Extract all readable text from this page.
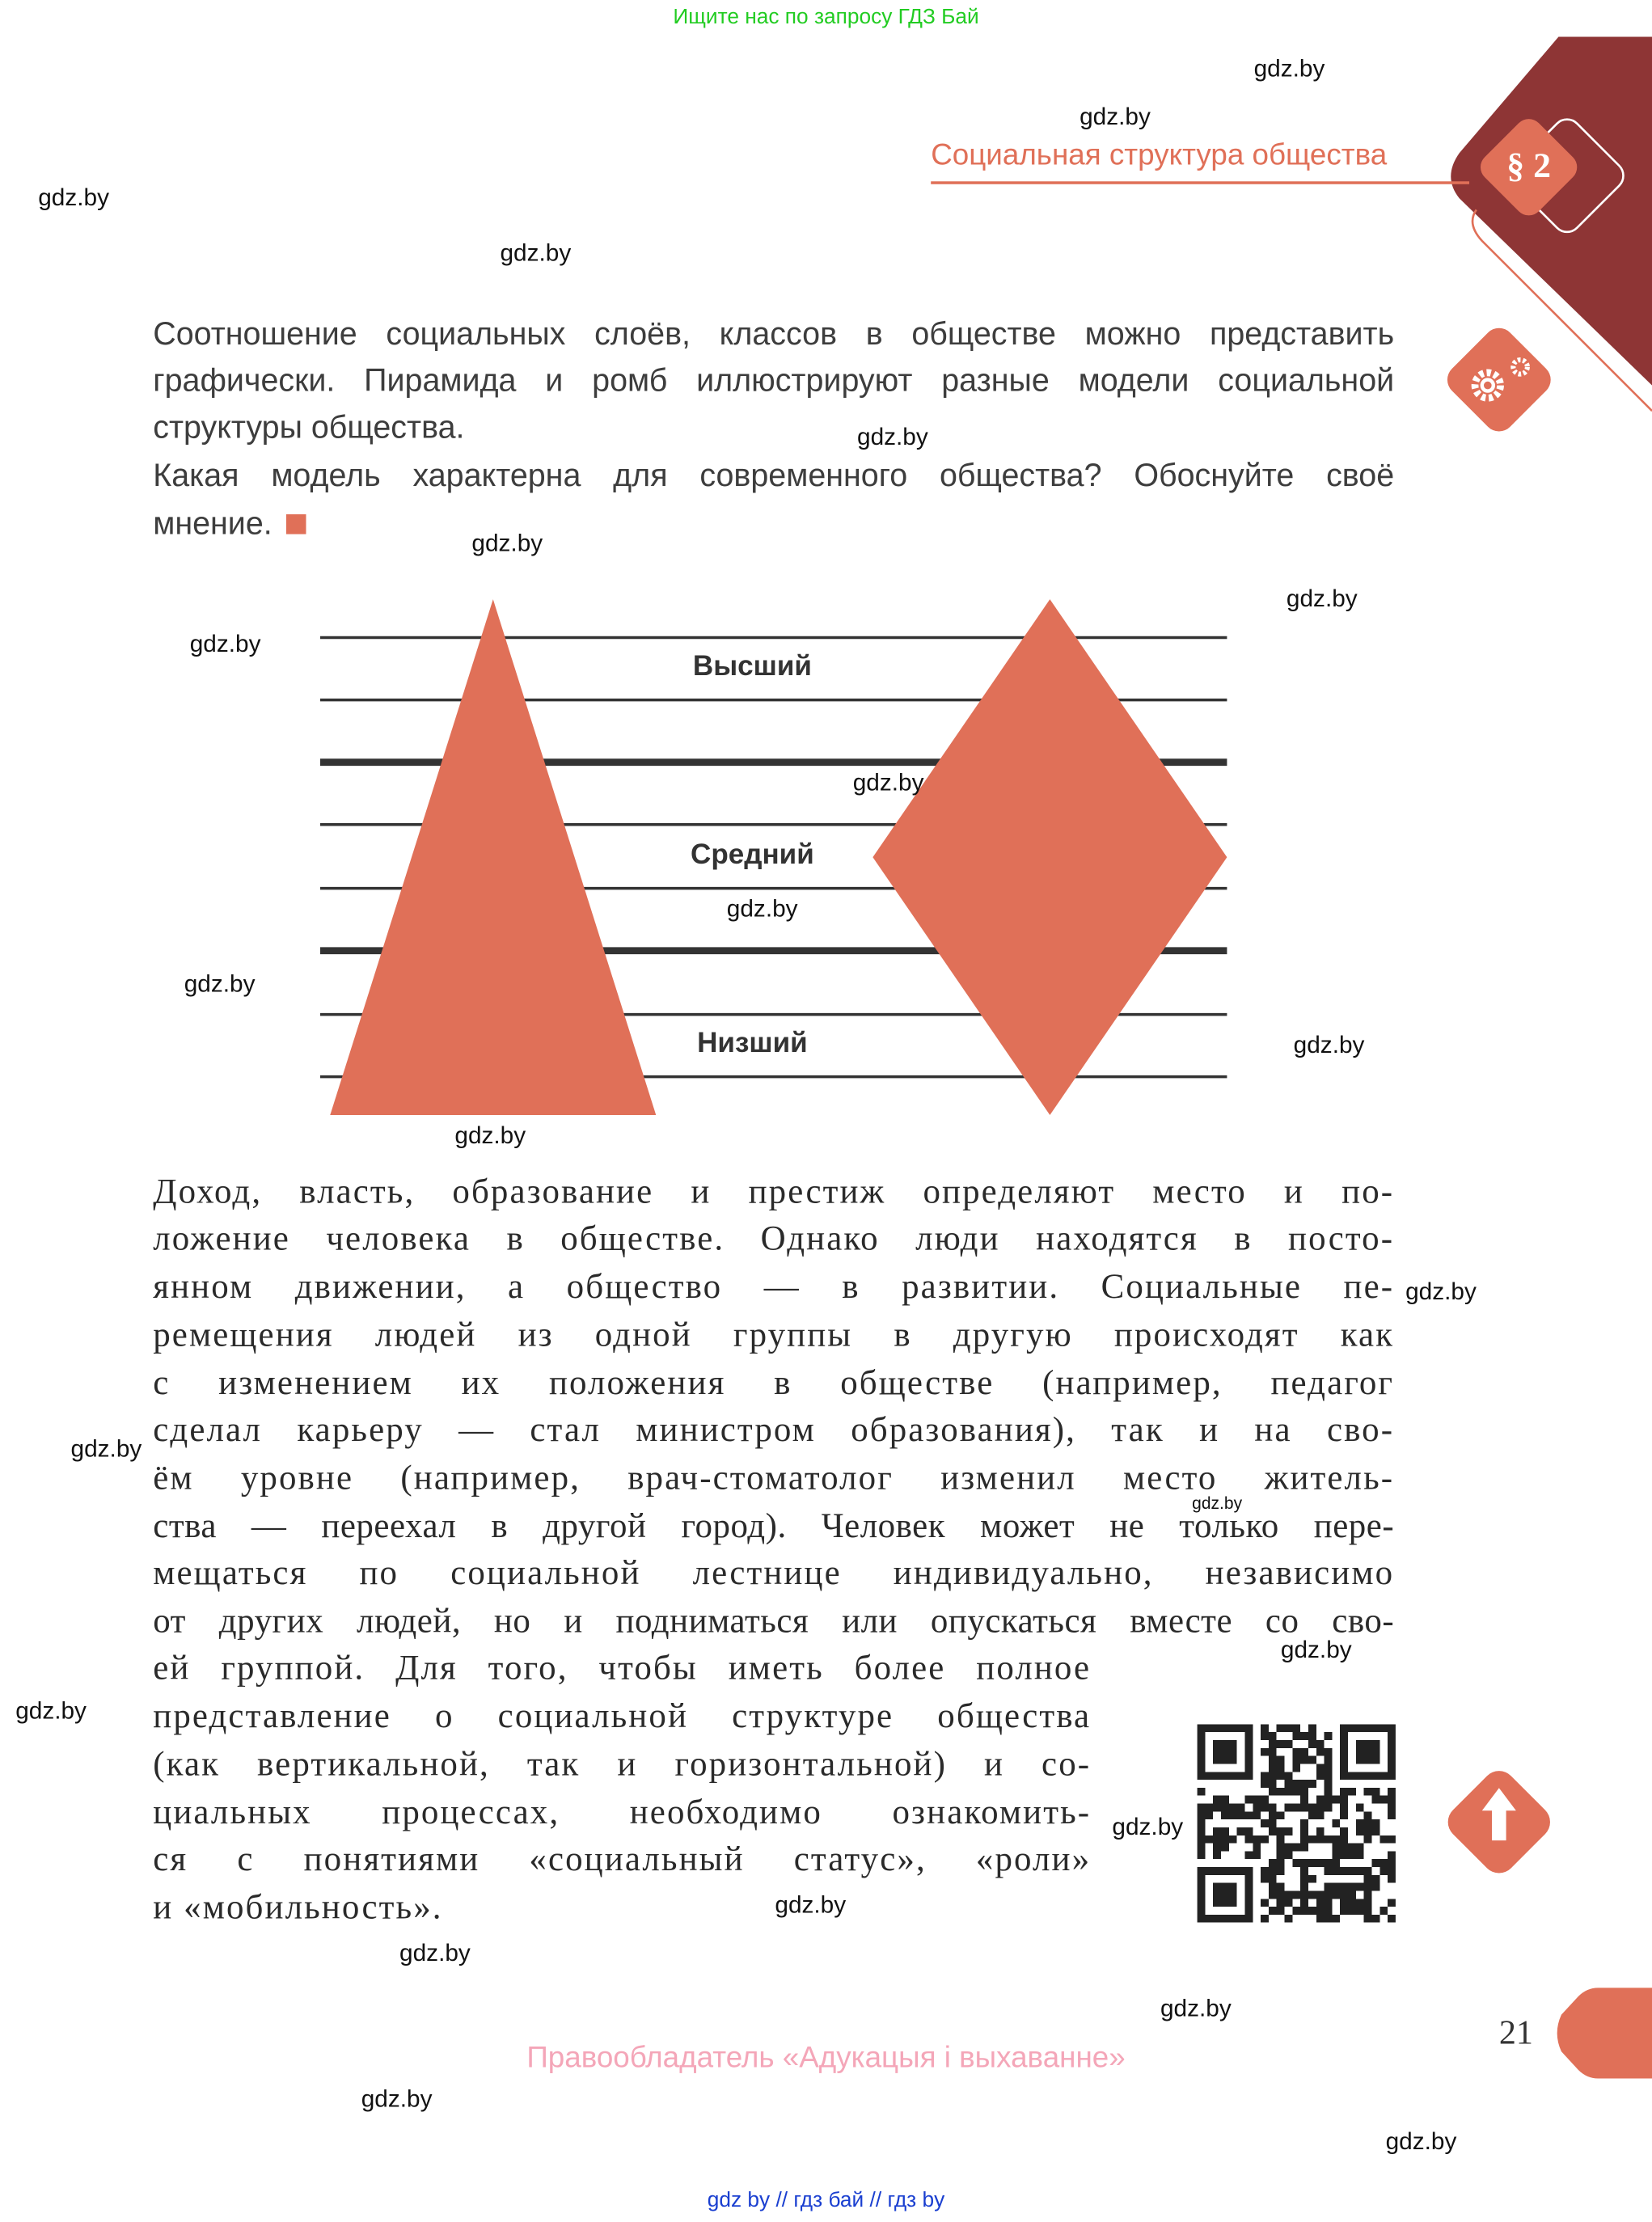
Ищите нас по запросу ГДЗ Бай
§ 2
Социальная структура общества
Соотношение социальных слоёв, классов в обществе можно представить
графически. Пирамида и ромб иллюстрируют разные модели социальной
структуры общества.
Какая модель характерна для современного общества? Обоснуйте своё
мнение.
Высший
Средний
Низший
Доход, власть, образование и престиж определяют место и по-
ложение человека в обществе. Однако люди находятся в посто-
янном движении, а общество — в развитии. Социальные пе-
ремещения людей из одной группы в другую происходят как
с изменением их положения в обществе (например, педагог
сделал карьеру — стал министром образования), так и на сво-
ём уровне (например, врач-стоматолог изменил место житель-
ства — переехал в другой город). Человек может не только пере-
мещаться по социальной лестнице индивидуально, независимо
от других людей, но и подниматься или опускаться вместе со сво-
ей группой. Для того, чтобы иметь более полное
представление о социальной структуре общества
(как вертикальной, так и горизонтальной) и со-
циальных процессах, необходимо ознакомить-
ся с понятиями «социальный статус», «роли»
и «мобильность».
21
Правообладатель «Адукацыя і выхаванне»
gdz by // гдз бай // гдз by
gdz.by
gdz.by
gdz.by
gdz.by
gdz.by
gdz.by
gdz.by
gdz.by
gdz.by
gdz.by
gdz.by
gdz.by
gdz.by
gdz.by
gdz.by
gdz.by
gdz.by
gdz.by
gdz.by
gdz.by
gdz.by
gdz.by
gdz.by
gdz.by
